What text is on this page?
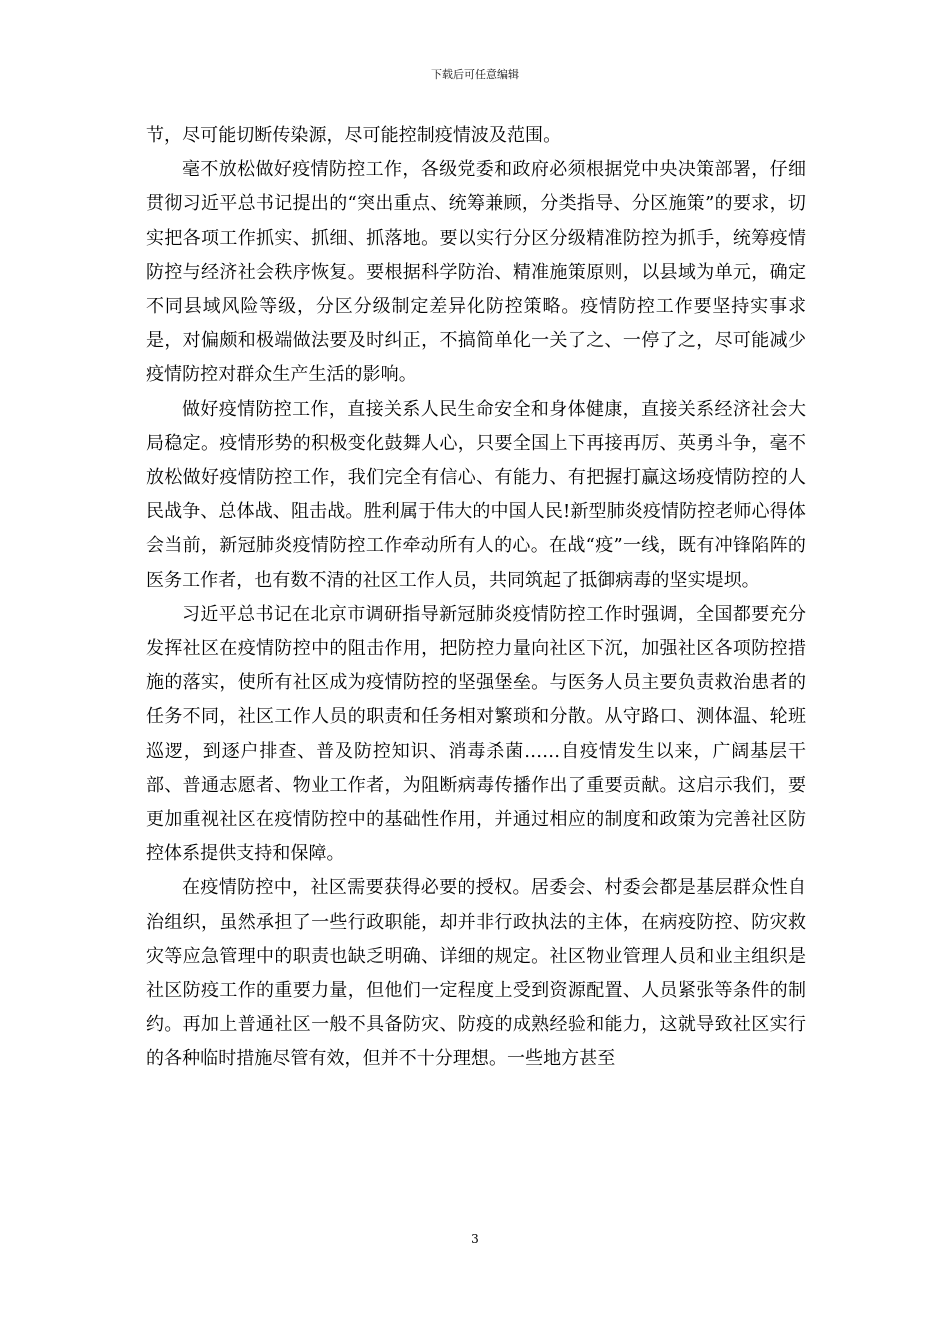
下载后可任意编辑

节，尽可能切断传染源，尽可能控制疫情波及范围。

毫不放松做好疫情防控工作，各级党委和政府必须根据党中央决策部署，仔细贯彻习近平总书记提出的“突出重点、统筹兼顾，分类指导、分区施策”的要求，切实把各项工作抓实、抓细、抓落地。要以实行分区分级精准防控为抓手，统筹疫情防控与经济社会秩序恢复。要根据科学防治、精准施策原则，以县域为单元，确定不同县域风险等级，分区分级制定差异化防控策略。疫情防控工作要坚持实事求是，对偏颇和极端做法要及时纠正，不搞简单化一关了之、一停了之，尽可能减少疫情防控对群众生产生活的影响。

做好疫情防控工作，直接关系人民生命安全和身体健康，直接关系经济社会大局稳定。疫情形势的积极变化鼓舞人心，只要全国上下再接再厉、英勇斗争，毫不放松做好疫情防控工作，我们完全有信心、有能力、有把握打赢这场疫情防控的人民战争、总体战、阻击战。胜利属于伟大的中国人民!新型肺炎疫情防控老师心得体会当前，新冠肺炎疫情防控工作牵动所有人的心。在战“疫”一线，既有冲锋陷阵的医务工作者，也有数不清的社区工作人员，共同筑起了抵御病毒的坚实堤坝。

习近平总书记在北京市调研指导新冠肺炎疫情防控工作时强调，全国都要充分发挥社区在疫情防控中的阻击作用，把防控力量向社区下沉，加强社区各项防控措施的落实，使所有社区成为疫情防控的坚强堡垒。与医务人员主要负责救治患者的任务不同，社区工作人员的职责和任务相对繁琐和分散。从守路口、测体温、轮班巡逻，到逐户排查、普及防控知识、消毒杀菌……自疫情发生以来，广阔基层干部、普通志愿者、物业工作者，为阻断病毒传播作出了重要贡献。这启示我们，要更加重视社区在疫情防控中的基础性作用，并通过相应的制度和政策为完善社区防控体系提供支持和保障。

在疫情防控中，社区需要获得必要的授权。居委会、村委会都是基层群众性自治组织，虽然承担了一些行政职能，却并非行政执法的主体，在病疫防控、防灾救灾等应急管理中的职责也缺乏明确、详细的规定。社区物业管理人员和业主组织是社区防疫工作的重要力量，但他们一定程度上受到资源配置、人员紧张等条件的制约。再加上普通社区一般不具备防灾、防疫的成熟经验和能力，这就导致社区实行的各种临时措施尽管有效，但并不十分理想。一些地方甚至

3
